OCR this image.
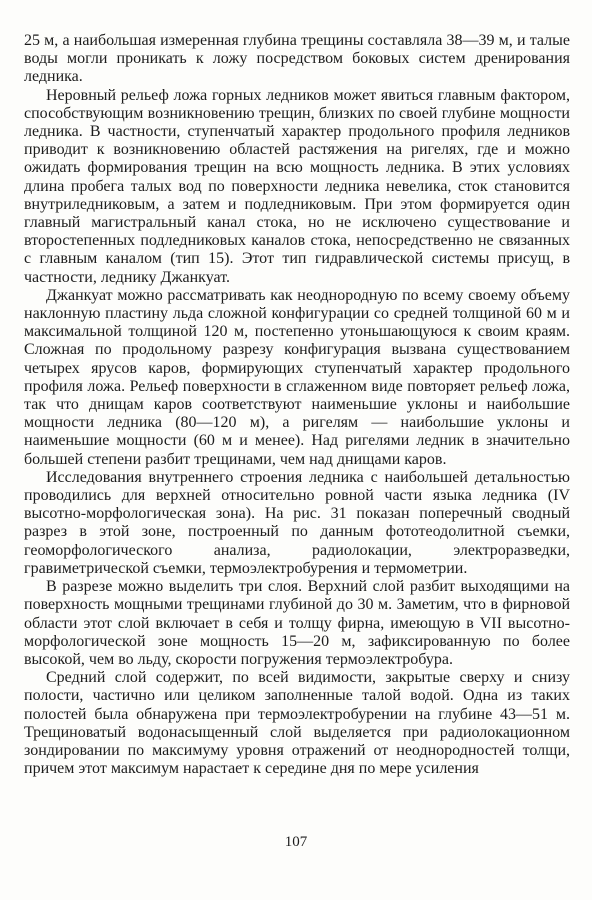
25 м, а наибольшая измеренная глубина трещины составляла 38—39 м, и талые воды могли проникать к ложу посредством боковых систем дренирования ледника.

Неровный рельеф ложа горных ледников может явиться главным фактором, способствующим возникновению трещин, близких по своей глубине мощности ледника. В частности, ступенчатый характер продольного профиля ледников приводит к возникновению областей растяжения на ригелях, где и можно ожидать формирования трещин на всю мощность ледника. В этих условиях длина пробега талых вод по поверхности ледника невелика, сток становится внутриледниковым, а затем и подледниковым. При этом формируется один главный магистральный канал стока, но не исключено существование и второстепенных подледниковых каналов стока, непосредственно не связанных с главным каналом (тип 15). Этот тип гидравлической системы присущ, в частности, леднику Джанкуат.

Джанкуат можно рассматривать как неоднородную по всему своему объему наклонную пластину льда сложной конфигурации со средней толщиной 60 м и максимальной толщиной 120 м, постепенно утоньшающуюся к своим краям. Сложная по продольному разрезу конфигурация вызвана существованием четырех ярусов каров, формирующих ступенчатый характер продольного профиля ложа. Рельеф поверхности в сглаженном виде повторяет рельеф ложа, так что днищам каров соответствуют наименьшие уклоны и наибольшие мощности ледника (80—120 м), а ригелям — наибольшие уклоны и наименьшие мощности (60 м и менее). Над ригелями ледник в значительно большей степени разбит трещинами, чем над днищами каров.

Исследования внутреннего строения ледника с наибольшей детальностью проводились для верхней относительно ровной части языка ледника (IV высотно-морфологическая зона). На рис. 31 показан поперечный сводный разрез в этой зоне, построенный по данным фототеодолитной съемки, геоморфологического анализа, радиолокации, электроразведки, гравиметрической съемки, термоэлектробурения и термометрии.

В разрезе можно выделить три слоя. Верхний слой разбит выходящими на поверхность мощными трещинами глубиной до 30 м. Заметим, что в фирновой области этот слой включает в себя и толщу фирна, имеющую в VII высотно-морфологической зоне мощность 15—20 м, зафиксированную по более высокой, чем во льду, скорости погружения термоэлектробура.

Средний слой содержит, по всей видимости, закрытые сверху и снизу полости, частично или целиком заполненные талой водой. Одна из таких полостей была обнаружена при термоэлектробурении на глубине 43—51 м. Трещиноватый водонасыщенный слой выделяется при радиолокационном зондировании по максимуму уровня отражений от неоднородностей толщи, причем этот максимум нарастает к середине дня по мере усиления

107
